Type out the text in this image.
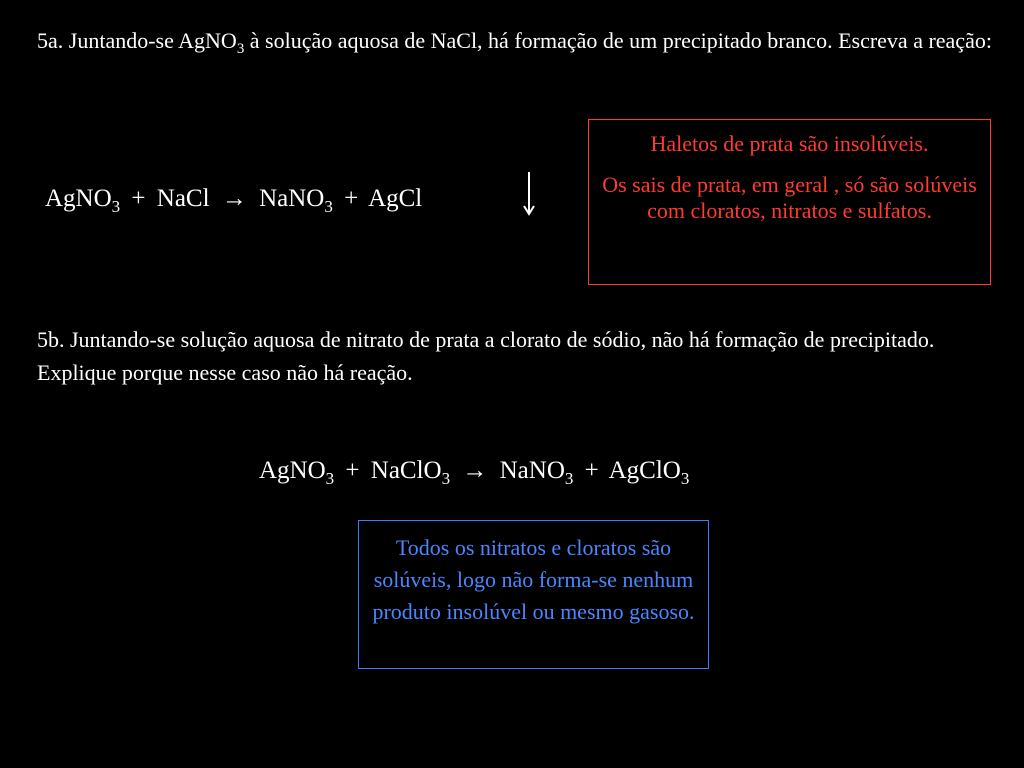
5a. Juntando-se AgNO$_3$ à solução aquosa de NaCl, há formação de um precipitado branco. Escreva a reação:

AgNO$_3$ + NaCl → NaNO$_3$ + AgCl

Haletos de prata são insolúveis.

Os sais de prata, em geral , só são solúveis com cloratos, nitratos e sulfatos.

5b. Juntando-se solução aquosa de nitrato de prata a clorato de sódio, não há formação de precipitado. Explique porque nesse caso não há reação.

AgNO$_3$ + NaClO$_3$ → NaNO$_3$ + AgClO$_3$
Todos os nitratos e cloratos são solúveis, logo não forma-se nenhum produto insolúvel ou mesmo gasoso.
